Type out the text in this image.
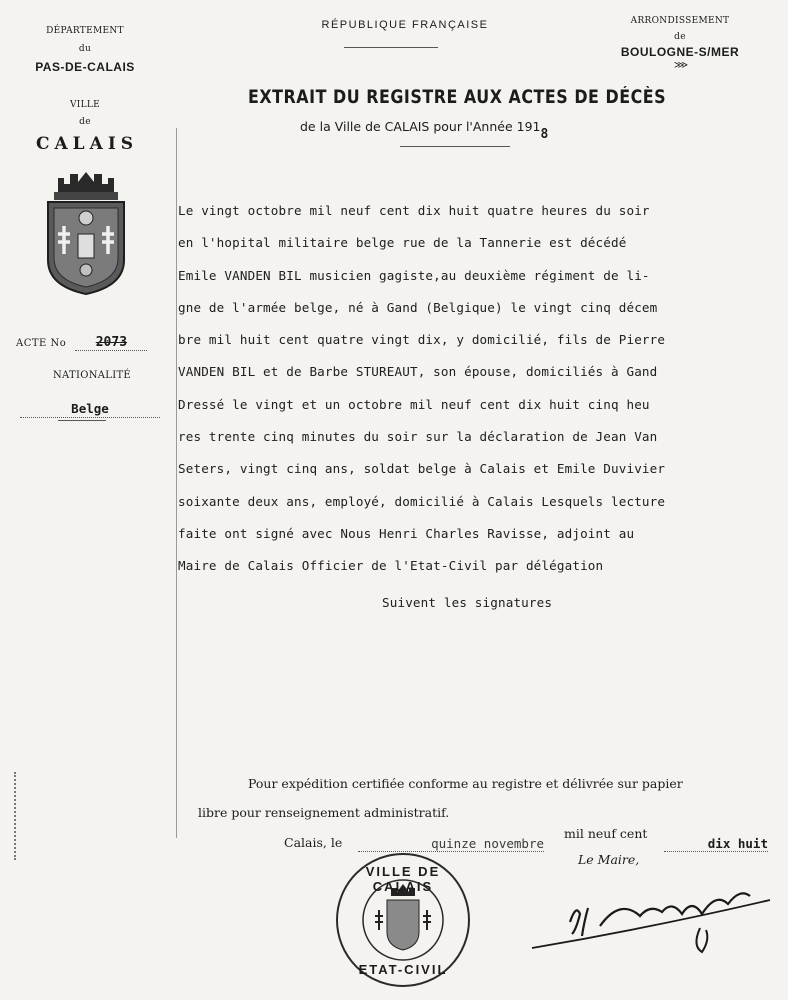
DÉPARTEMENT
du
PAS-DE-CALAIS
VILLE
de
CALAIS
ACTE No 2073
NATIONALITÉ
Belge
RÉPUBLIQUE FRANÇAISE	ARRONDISSEMENT
de
BOULOGNE-S/MER
⋙
EXTRAIT DU REGISTRE AUX ACTES DE DÉCÈS
de la Ville de CALAIS pour l'Année 1918
Le vingt octobre mil neuf cent dix huit quatre heures du soir
en l'hopital militaire belge rue de la Tannerie est décédé
Emile VANDEN BIL musicien gagiste,au deuxième régiment de li-
gne de l'armée belge, né à Gand (Belgique) le vingt cinq décem
bre mil huit cent quatre vingt dix, y domicilié, fils de Pierre
VANDEN BIL et de Barbe STUREAUT, son épouse, domiciliés à Gand
Dressé le vingt et un octobre mil neuf cent dix huit cinq heu
res trente cinq minutes du soir sur la déclaration de Jean Van
Seters, vingt cinq ans, soldat belge à Calais et Emile Duvivier
soixante deux ans, employé, domicilié à Calais Lesquels lecture
faite ont signé avec Nous Henri Charles Ravisse, adjoint au
Maire de Calais Officier de l'Etat-Civil par délégation
Suivent les signatures
Pour expédition certifiée conforme au registre et délivrée sur papier
libre pour renseignement administratif.
Calais, le	quinze novembre
mil neuf cent
dix huit
Le Maire,
VILLE DE CALAIS
ETAT-CIVIL
